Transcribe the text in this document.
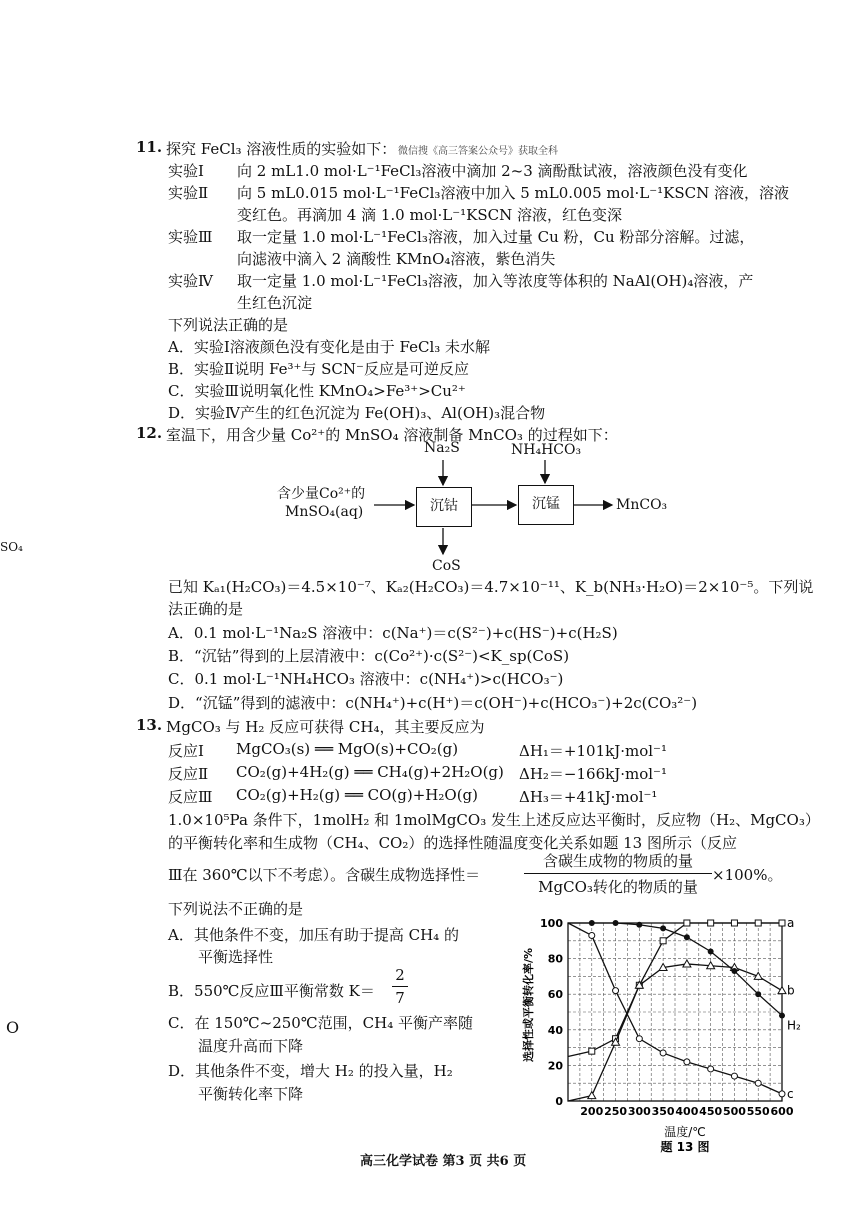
SO₄
O
11. 探究 FeCl₃ 溶液性质的实验如下： 微信搜《高三答案公众号》获取全科
实验Ⅰ 向 2 mL1.0 mol·L⁻¹FeCl₃溶液中滴加 2~3 滴酚酞试液，溶液颜色没有变化
实验Ⅱ 向 5 mL0.015 mol·L⁻¹FeCl₃溶液中加入 5 mL0.005 mol·L⁻¹KSCN 溶液，溶液
变红色。再滴加 4 滴 1.0 mol·L⁻¹KSCN 溶液，红色变深
实验Ⅲ 取一定量 1.0 mol·L⁻¹FeCl₃溶液，加入过量 Cu 粉，Cu 粉部分溶解。过滤，
向滤液中滴入 2 滴酸性 KMnO₄溶液，紫色消失
实验Ⅳ 取一定量 1.0 mol·L⁻¹FeCl₃溶液，加入等浓度等体积的 NaAl(OH)₄溶液，产
生红色沉淀
下列说法正确的是
A．实验Ⅰ溶液颜色没有变化是由于 FeCl₃ 未水解
B．实验Ⅱ说明 Fe³⁺与 SCN⁻反应是可逆反应
C．实验Ⅲ说明氧化性 KMnO₄>Fe³⁺>Cu²⁺
D．实验Ⅳ产生的红色沉淀为 Fe(OH)₃、Al(OH)₃混合物
12. 室温下，用含少量 Co²⁺的 MnSO₄ 溶液制备 MnCO₃ 的过程如下：
Na₂S	NH₄HCO₃
含少量Co²⁺的
MnSO₄(aq)	沉钴	沉锰	MnCO₃
CoS
已知 Kₐ₁(H₂CO₃)＝4.5×10⁻⁷、Kₐ₂(H₂CO₃)＝4.7×10⁻¹¹、K_b(NH₃·H₂O)＝2×10⁻⁵。下列说
法正确的是
A．0.1 mol·L⁻¹Na₂S 溶液中：c(Na⁺)＝c(S²⁻)+c(HS⁻)+c(H₂S)
B．“沉钴”得到的上层清液中：c(Co²⁺)·c(S²⁻)<K_sp(CoS)
C．0.1 mol·L⁻¹NH₄HCO₃ 溶液中：c(NH₄⁺)>c(HCO₃⁻)
D．“沉锰”得到的滤液中：c(NH₄⁺)+c(H⁺)＝c(OH⁻)+c(HCO₃⁻)+2c(CO₃²⁻)
13. MgCO₃ 与 H₂ 反应可获得 CH₄，其主要反应为
反应Ⅰ MgCO₃(s) ══ MgO(s)+CO₂(g)	ΔH₁＝+101kJ·mol⁻¹
反应Ⅱ CO₂(g)+4H₂(g) ══ CH₄(g)+2H₂O(g) ΔH₂＝−166kJ·mol⁻¹
反应Ⅲ CO₂(g)+H₂(g) ══ CO(g)+H₂O(g)	ΔH₃＝+41kJ·mol⁻¹
1.0×10⁵Pa 条件下，1molH₂ 和 1molMgCO₃ 发生上述反应达平衡时，反应物（H₂、MgCO₃）
的平衡转化率和生成物（CH₄、CO₂）的选择性随温度变化关系如题 13 图所示（反应
Ⅲ在 360℃以下不考虑）。含碳生成物选择性＝
含碳生成物的物质的量
MgCO₃转化的物质的量
×100%。
下列说法不正确的是
A．其他条件不变，加压有助于提高 CH₄ 的
平衡选择性
B．550℃反应Ⅲ平衡常数 K＝
2
7
C．在 150℃~250℃范围，CH₄ 平衡产率随
温度升高而下降
D．其他条件不变，增大 H₂ 的投入量，H₂
平衡转化率下降
a
b
H₂
c
200 250 300 350 400 450 500 550 600
0
20
40
60
80
100
温度/℃
题 13 图
选择性或平衡转化率/%
高三化学试卷 第3 页 共6 页
